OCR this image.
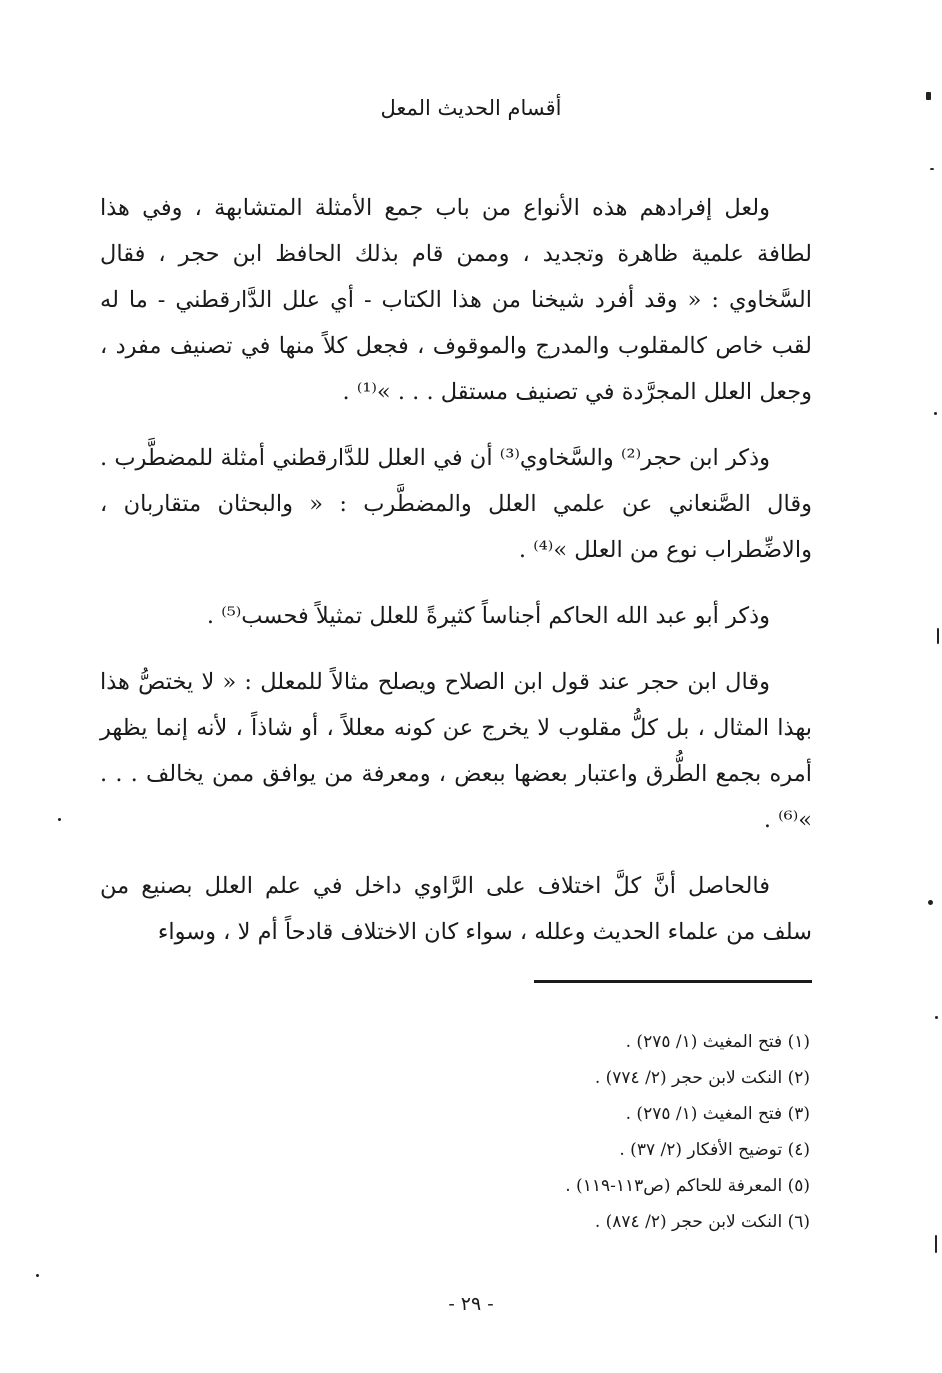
أقسام الحديث المعل

ولعل إفرادهم هذه الأنواع من باب جمع الأمثلة المتشابهة ، وفي هذا لطافة علمية ظاهرة وتجديد ، وممن قام بذلك الحافظ ابن حجر ، فقال السَّخاوي : « وقد أفرد شيخنا من هذا الكتاب - أي علل الدَّارقطني - ما له لقب خاص كالمقلوب والمدرج والموقوف ، فجعل كلاً منها في تصنيف مفرد ، وجعل العلل المجرَّدة في تصنيف مستقل . . . »⁽¹⁾ .

وذكر ابن حجر⁽²⁾ والسَّخاوي⁽³⁾ أن في العلل للدَّارقطني أمثلة للمضطَّرب . وقال الصَّنعاني عن علمي العلل والمضطَّرب : « والبحثان متقاربان ، والاضِّطراب نوع من العلل »⁽⁴⁾ .

وذكر أبو عبد الله الحاكم أجناساً كثيرةً للعلل تمثيلاً فحسب⁽⁵⁾ .

وقال ابن حجر عند قول ابن الصلاح ويصلح مثالاً للمعلل : « لا يختصُّ هذا بهذا المثال ، بل كلُّ مقلوب لا يخرج عن كونه معللاً ، أو شاذاً ، لأنه إنما يظهر أمره بجمع الطُّرق واعتبار بعضها ببعض ، ومعرفة من يوافق ممن يخالف . . . »⁽⁶⁾ .

فالحاصل أنَّ كلَّ اختلاف على الرَّاوي داخل في علم العلل بصنيع من سلف من علماء الحديث وعلله ، سواء كان الاختلاف قادحاً أم لا ، وسواء

(١) فتح المغيث (١/ ٢٧٥) .
(٢) النكت لابن حجر (٢/ ٧٧٤) .
(٣) فتح المغيث (١/ ٢٧٥) .
(٤) توضيح الأفكار (٢/ ٣٧) .
(٥) المعرفة للحاكم (ص١١٣-١١٩) .
(٦) النكت لابن حجر (٢/ ٨٧٤) .
- ٢٩ -
